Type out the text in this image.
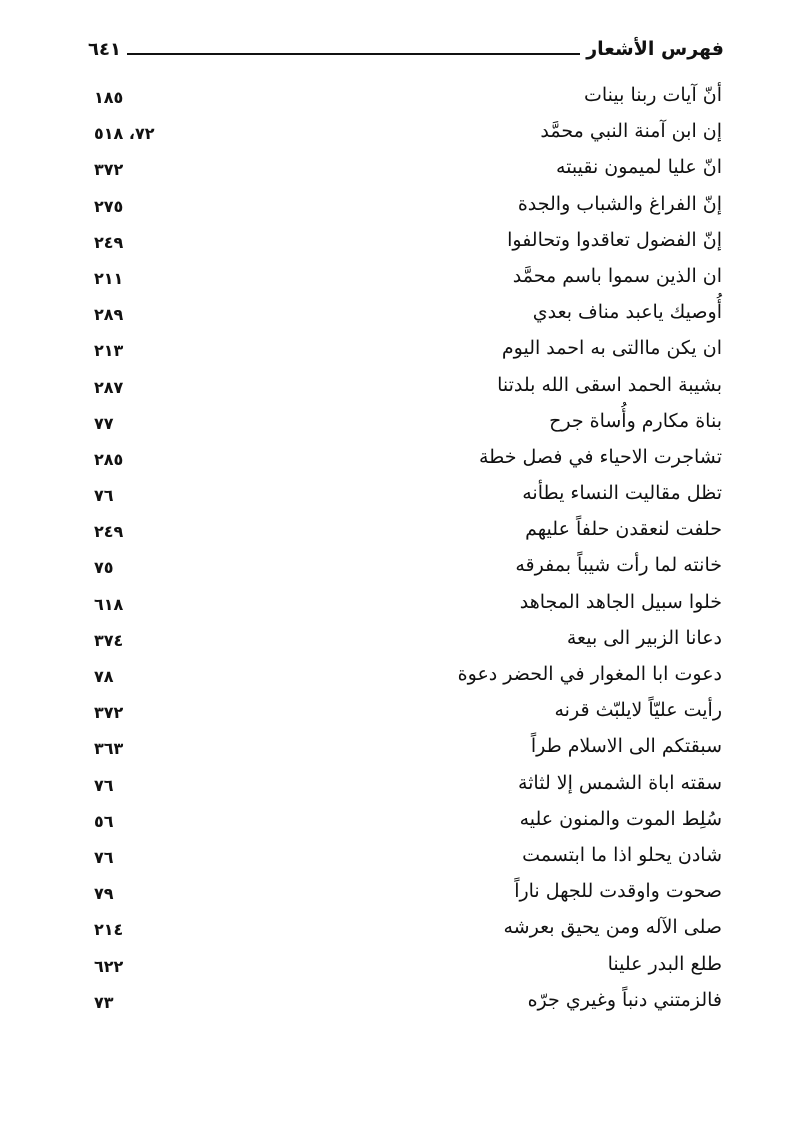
فهرس الأشعار
٦٤١
أنّ آيات ربنا بينات
١٨٥
إن ابن آمنة النبي محمَّد
٧٢، ٥١٨
انّ عليا لميمون نقيبته
٣٧٢
إنّ الفراغ والشباب والجدة
٢٧٥
إنّ الفضول تعاقدوا وتحالفوا
٢٤٩
ان الذين سموا باسم محمَّد
٢١١
أُوصيك ياعبد مناف بعدي
٢٨٩
ان يكن ماالتى به احمد اليوم
٢١٣
بشيبة الحمد اسقى الله بلدتنا
٢٨٧
بناة مكارم وأُساة جرح
٧٧
تشاجرت الاحياء في فصل خطة
٢٨٥
تظل مقاليت النساء يطأنه
٧٦
حلفت لنعقدن حلفاً عليهم
٢٤٩
خانته لما رأت شيباً بمفرقه
٧٥
خلوا سبيل الجاهد المجاهد
٦١٨
دعانا الزبير الى بيعة
٣٧٤
دعوت ابا المغوار في الحضر دعوة
٧٨
رأيت عليّاً لايلبّث قرنه
٣٧٢
سبقتكم الى الاسلام طراً
٣٦٣
سقته اباة الشمس إلا لثاثة
٧٦
سُلِط الموت والمنون عليه
٥٦
شادن يحلو اذا ما ابتسمت
٧٦
صحوت واوقدت للجهل ناراً
٧٩
صلى الآله ومن يحيق بعرشه
٢١٤
طلع البدر علينا
٦٢٢
فالزمتني دنباً وغيري جرّه
٧٣
